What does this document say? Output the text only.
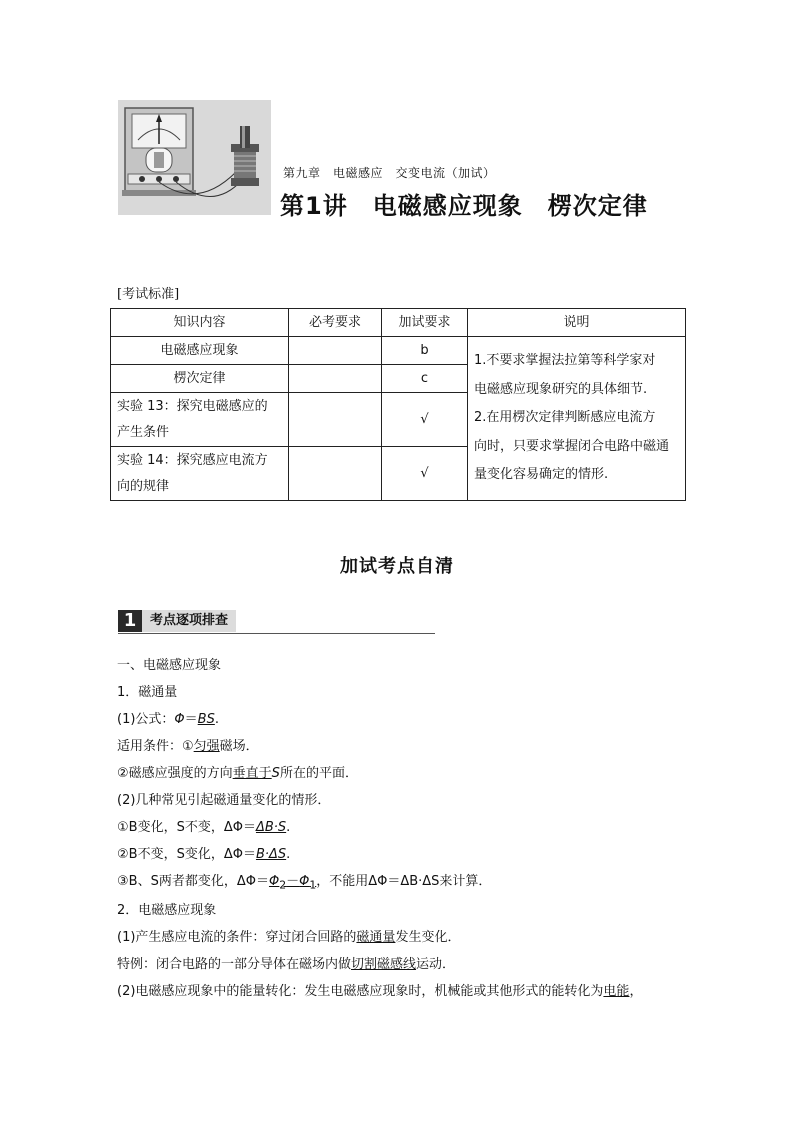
第九章　电磁感应　交变电流（加试）
第1讲　电磁感应现象　楞次定律
[考试标准]
知识内容	必考要求	加试要求	说明
电磁感应现象		b	1.不要求掌握法拉第等科学家对
电磁感应现象研究的具体细节.
2.在用楞次定律判断感应电流方
向时，只要求掌握闭合电路中磁通
量变化容易确定的情形.

楞次定律		c	

实验 13：探究电磁感应的
产生条件		√	

实验 14：探究感应电流方
向的规律		√	
加试考点自清
1	考点逐项排查
一、电磁感应现象
1．磁通量
(1)公式：Φ＝BS.
适用条件：①匀强磁场．
②磁感应强度的方向垂直于S所在的平面．
(2)几种常见引起磁通量变化的情形．
①B变化，S不变，ΔΦ＝ΔB·S.
②B不变，S变化，ΔΦ＝B·ΔS.
③B、S两者都变化，$\Delta\Phi=\Phi_2-\Phi_1$，不能用ΔΦ＝ΔB·ΔS来计算．
2．电磁感应现象
(1)产生感应电流的条件：穿过闭合回路的磁通量发生变化．
特例：闭合电路的一部分导体在磁场内做切割磁感线运动．
(2)电磁感应现象中的能量转化：发生电磁感应现象时，机械能或其他形式的能转化为电能，
